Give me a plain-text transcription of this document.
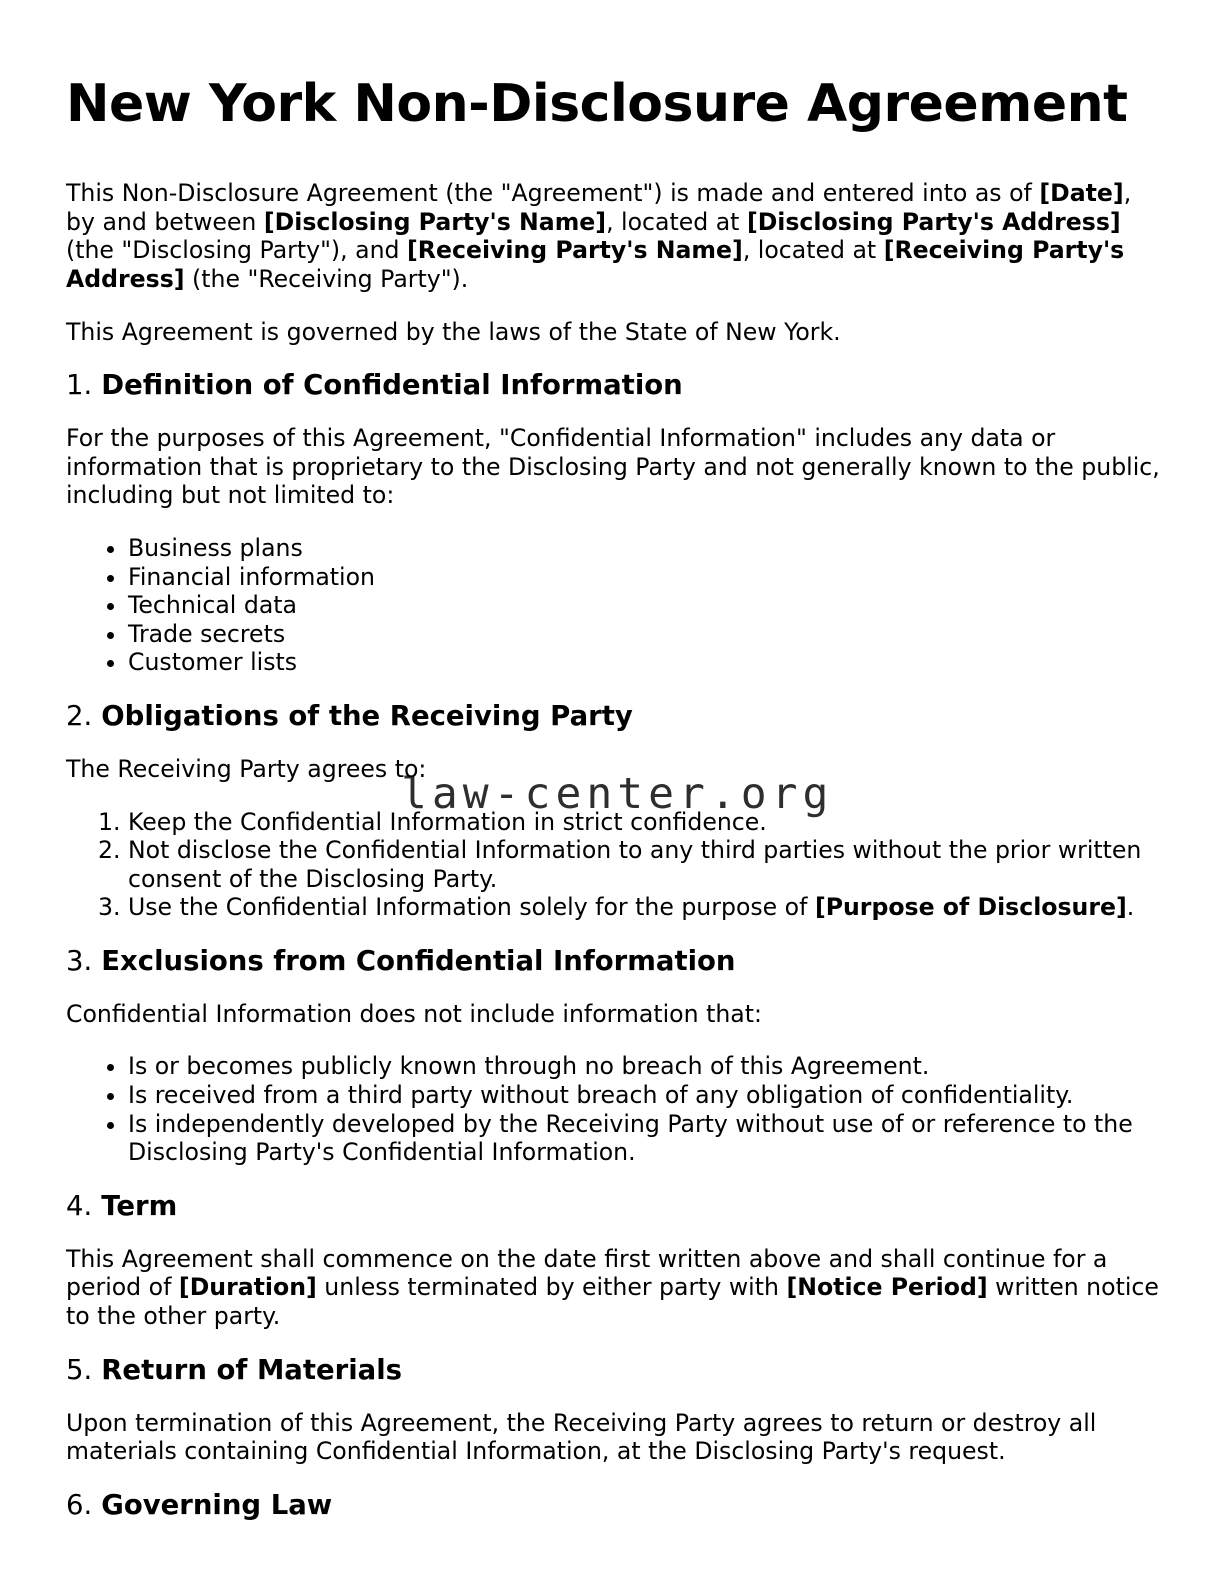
New York Non-Disclosure Agreement

This Non-Disclosure Agreement (the "Agreement") is made and entered into as of [Date], by and between [Disclosing Party's Name], located at [Disclosing Party's Address] (the "Disclosing Party"), and [Receiving Party's Name], located at [Receiving Party's Address] (the "Receiving Party").

This Agreement is governed by the laws of the State of New York.

1. Definition of Confidential Information

For the purposes of this Agreement, "Confidential Information" includes any data or information that is proprietary to the Disclosing Party and not generally known to the public, including but not limited to:

• Business plans
• Financial information
• Technical data
• Trade secrets
• Customer lists

2. Obligations of the Receiving Party

The Receiving Party agrees to:

1. Keep the Confidential Information in strict confidence.
2. Not disclose the Confidential Information to any third parties without the prior written consent of the Disclosing Party.
3. Use the Confidential Information solely for the purpose of [Purpose of Disclosure].

3. Exclusions from Confidential Information

Confidential Information does not include information that:

• Is or becomes publicly known through no breach of this Agreement.
• Is received from a third party without breach of any obligation of confidentiality.
• Is independently developed by the Receiving Party without use of or reference to the Disclosing Party's Confidential Information.

4. Term

This Agreement shall commence on the date first written above and shall continue for a period of [Duration] unless terminated by either party with [Notice Period] written notice to the other party.

5. Return of Materials

Upon termination of this Agreement, the Receiving Party agrees to return or destroy all materials containing Confidential Information, at the Disclosing Party's request.

6. Governing Law

law-center.org
